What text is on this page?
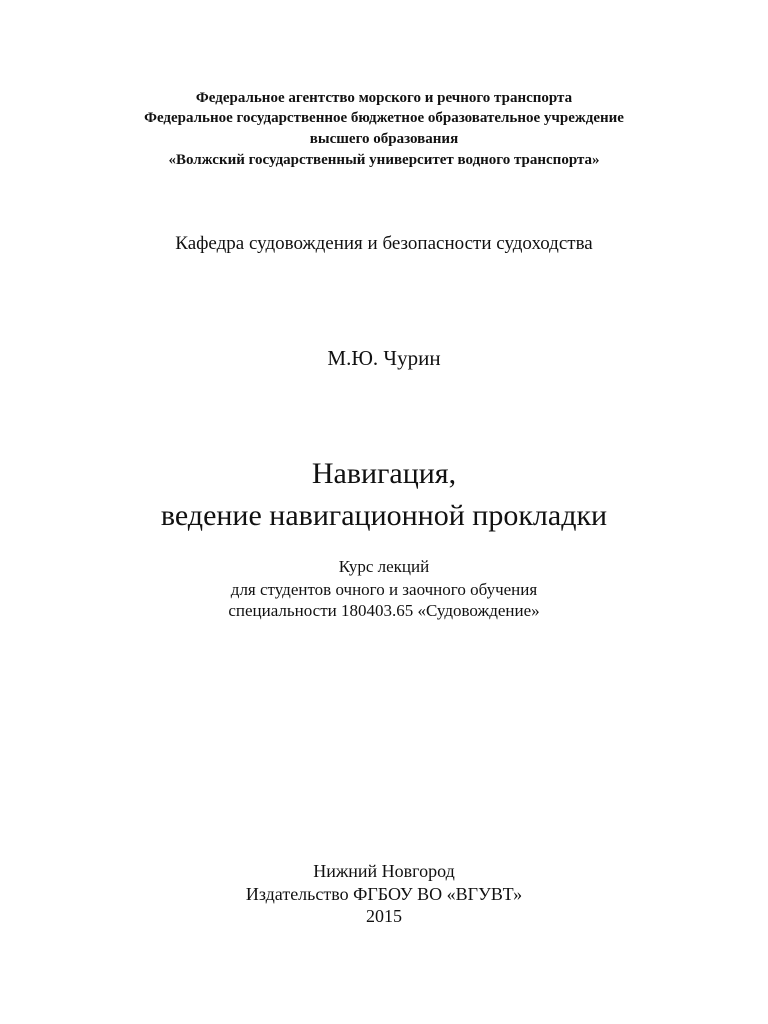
Федеральное агентство морского и речного транспорта
Федеральное государственное бюджетное образовательное учреждение
высшего образования
«Волжский государственный университет водного транспорта»
Кафедра судовождения и безопасности судоходства
М.Ю. Чурин
Навигация,
ведение навигационной прокладки
Курс лекций
для студентов очного и заочного обучения
специальности 180403.65 «Судовождение»
Нижний Новгород
Издательство ФГБОУ ВО «ВГУВТ»
2015
